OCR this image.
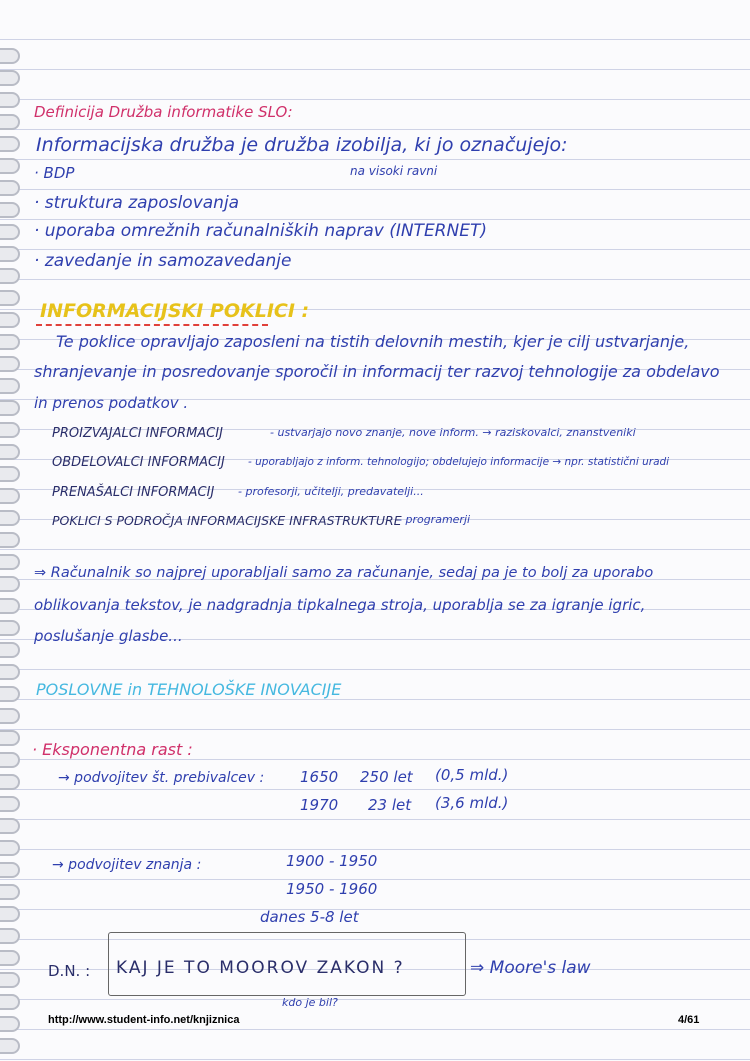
Definicija Družba informatike SLO:
Informacijska družba je družba izobilja, ki jo označujejo:
· BDP	na visoki ravni
· struktura zaposlovanja
· uporaba omrežnih računalniških naprav (INTERNET)
· zavedanje in samozavedanje
INFORMACIJSKI POKLICI :
Te poklice opravljajo zaposleni na tistih delovnih mestih, kjer je cilj ustvarjanje,
shranjevanje in posredovanje sporočil in informacij ter razvoj tehnologije za obdelavo
in prenos podatkov .
PROIZVAJALCI INFORMACIJ	- ustvarjajo novo znanje, nove inform. → raziskovalci, znanstveniki
OBDELOVALCI INFORMACIJ - uporabljajo z inform. tehnologijo; obdelujejo informacije → npr. statistični uradi
PRENAŠALCI INFORMACIJ - profesorji, učitelji, predavatelji...
POKLICI S PODROČJA INFORMACIJSKE INFRASTRUKTURE
- programerji
⇒ Računalnik so najprej uporabljali samo za računanje, sedaj pa je to bolj za uporabo
oblikovanja tekstov, je nadgradnja tipkalnega stroja, uporablja se za igranje igric,
poslušanje glasbe...
POSLOVNE in TEHNOLOŠKE INOVACIJE
· Eksponentna rast :
→ podvojitev št. prebivalcev : 1650 250 let (0,5 mld.)
1970 23 let (3,6 mld.)
→ podvojitev znanja :	1900 - 1950
1950 - 1960
danes 5-8 let
D.N. : KAJ JE TO MOOROV ZAKON ?	⇒ Moore's law
kdo je bil?
http://www.student-info.net/knjiznica	4/61
